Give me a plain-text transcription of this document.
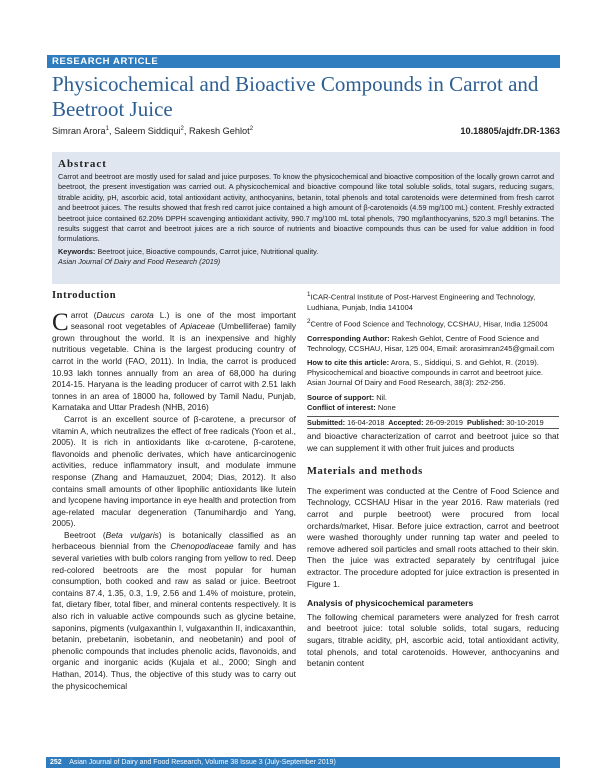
RESEARCH ARTICLE
Physicochemical and Bioactive Compounds in Carrot and Beetroot Juice
Simran Arora$^1$, Saleem Siddiqui$^2$, Rakesh Gehlot$^2$	10.18805/ajdfr.DR-1363
Abstract
Carrot and beetroot are mostly used for salad and juice purposes. To know the physicochemical and bioactive composition of the locally grown carrot and beetroot, the present investigation was carried out. A physicochemical and bioactive compound like total soluble solids, total sugars, reducing sugars, titrable acidity, pH, ascorbic acid, total antioxidant activity, anthocyanins, betanin, total phenols and total carotenoids were determined from fresh carrot and beetroot juices. The results showed that fresh red carrot juice contained a high amount of β-carotenoids (4.59 mg/100 mL) content. Freshly extracted beetroot juice contained 62.20% DPPH scavenging antioxidant activity, 990.7 mg/100 mL total phenols, 790 mg/lanthocyanins, 520.3 mg/l betanins. The results suggest that carrot and beetroot juices are a rich source of nutrients and bioactive compounds thus can be used for value addition in food formulations.
Keywords: Beetroot juice, Bioactive compounds, Carrot juice, Nutritional quality.
Asian Journal Of Dairy and Food Research (2019)
Introduction

Carrot (Daucus carota L.) is one of the most important seasonal root vegetables of Apiaceae (Umbelliferae) family grown throughout the world. It is an inexpensive and highly nutritious vegetable. China is the largest producing country of carrot in the world (FAO, 2011). In India, the carrot is produced 10.93 lakh tonnes annually from an area of 68,000 ha during 2014-15. Haryana is the leading producer of carrot with 2.51 lakh tonnes in an area of 18000 ha, followed by Tamil Nadu, Punjab, Karnataka and Uttar Pradesh (NHB, 2016)

Carrot is an excellent source of β-carotene, a precursor of vitamin A, which neutralizes the effect of free radicals (Yoon et al., 2005). It is rich in antioxidants like α-carotene, β-carotene, flavonoids and phenolic derivates, which have anticarcinogenic activities, reduce inflammatory insult, and modulate immune response (Zhang and Hamauzuet, 2004; Dias, 2012). It also contains small amounts of other lipophilic antioxidants like lutein and lycopene having importance in eye health and protection from age-related macular degeneration (Tanumihardjo and Yang, 2005).

Beetroot (Beta vulgaris) is botanically classified as an herbaceous biennial from the Chenopodiaceae family and has several varieties with bulb colors ranging from yellow to red. Deep red-colored beetroots are the most popular for human consumption, both cooked and raw as salad or juice. Beetroot contains 87.4, 1.35, 0.3, 1.9, 2.56 and 1.4% of moisture, protein, fat, dietary fiber, total fiber, and mineral contents respectively. It is also rich in valuable active compounds such as glycine betaine, saponins, pigments (vulgaxanthin I, vulgaxanthin II, indicaxanthin, betanin, prebetanin, isobetanin, and neobetanin) and pool of phenolic compounds that includes phenolic acids, flavonoids, and organic and inorganic acids (Kujala et al., 2000; Singh and Hathan, 2014). Thus, the objective of this study was to carry out the physicochemical

$^1$ICAR-Central Institute of Post-Harvest Engineering and Technology, Ludhiana, Punjab, India 141004
$^2$Centre of Food Science and Technology, CCSHAU, Hisar, India 125004
Corresponding Author: Rakesh Gehlot, Centre of Food Science and Technology, CCSHAU, Hisar, 125 004, Email: arorasimran245@gmail.com
How to cite this article: Arora, S., Siddiqui, S. and Gehlot, R. (2019). Physicochemical and bioactive compounds in carrot and beetroot juice. Asian Journal Of Dairy and Food Research, 38(3): 252-256.
Source of support: Nil.
Conflict of interest: None
Submitted: 16-04-2018 Accepted: 26-09-2019 Published: 30-10-2019

and bioactive characterization of carrot and beetroot juice so that we can supplement it with other fruit juices and products

Materials and methods

The experiment was conducted at the Centre of Food Science and Technology, CCSHAU Hisar in the year 2016. Raw materials (red carrot and purple beetroot) were procured from local orchards/market, Hisar. Before juice extraction, carrot and beetroot were washed thoroughly under running tap water and peeled to remove adhered soil particles and small roots attached to their skin. Then the juice was extracted separately by centrifugal juice extractor. The procedure adopted for juice extraction is presented in Figure 1.

Analysis of physicochemical parameters

The following chemical parameters were analyzed for fresh carrot and beetroot juice: total soluble solids, total sugars, reducing sugars, titrable acidity, pH, ascorbic acid, total antioxidant activity, total phenols, and total carotenoids. However, anthocyanins and betanin content

252 Asian Journal of Dairy and Food Research, Volume 38 Issue 3 (July-September 2019)
